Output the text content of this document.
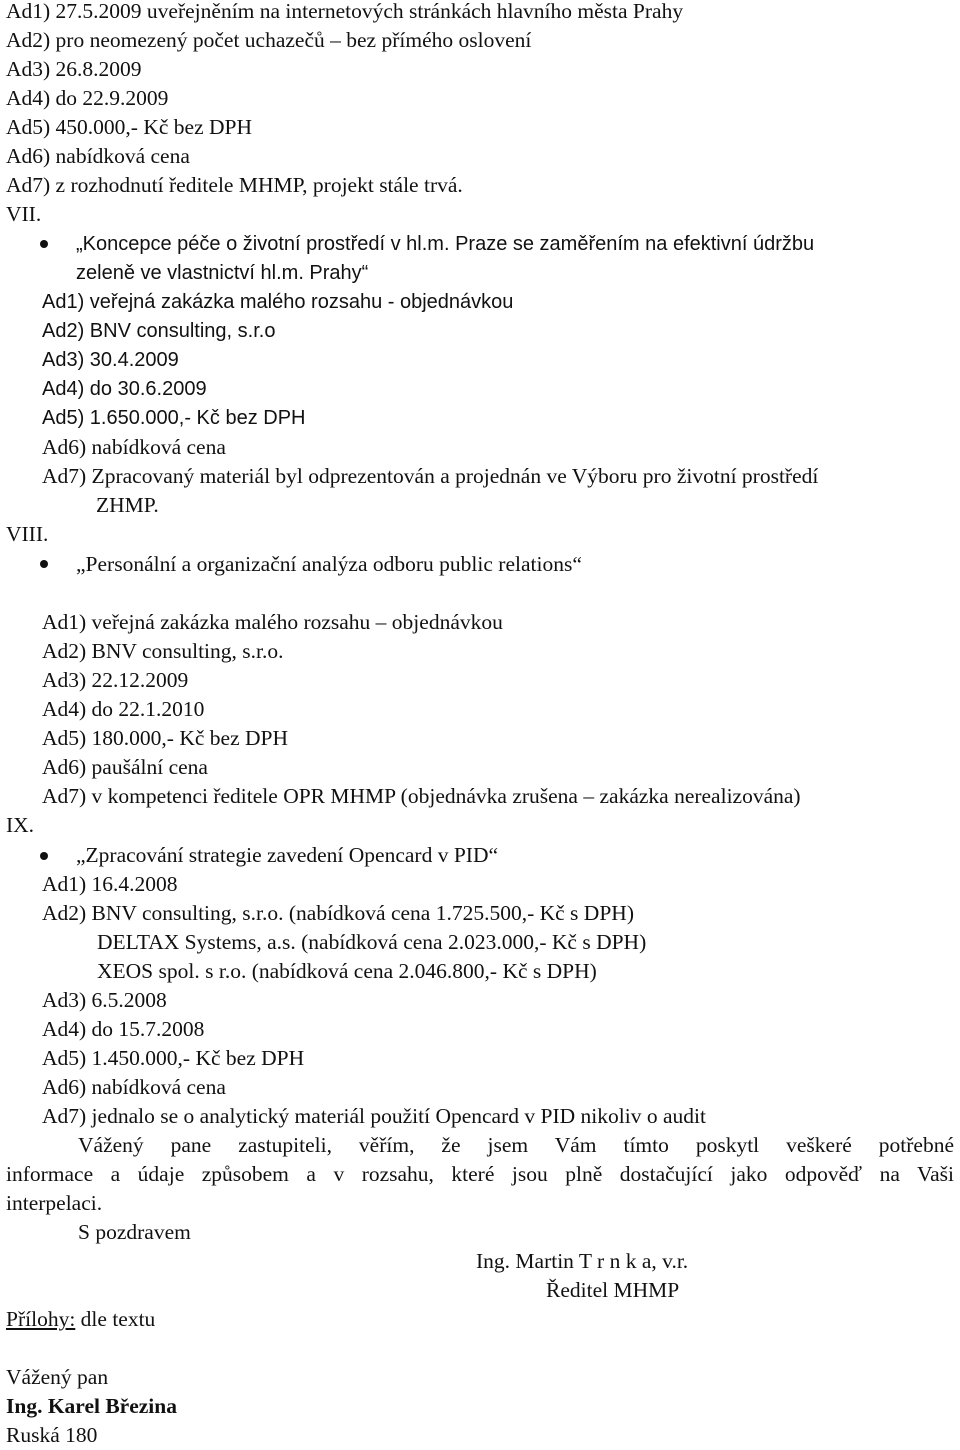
Ad1) 27.5.2009 uveřejněním na internetových stránkách hlavního města Prahy
Ad2) pro neomezený počet uchazečů – bez příméhо oslovení
Ad3) 26.8.2009
Ad4) do 22.9.2009
Ad5) 450.000,- Kč bez DPH
Ad6) nabídková cena
Ad7) z rozhodnutí ředitele MHMP, projekt stále trvá.
VII.
„Koncepce péče o životní prostředí v hl.m. Praze se zaměřením na efektivní údržbu
zeleně ve vlastnictví hl.m. Prahy“
Ad1) veřejná zakázka malého rozsahu - objednávkou
Ad2) BNV consulting, s.r.o
Ad3) 30.4.2009
Ad4) do 30.6.2009
Ad5) 1.650.000,- Kč bez DPH
Ad6) nabídková cena
Ad7) Zpracovaný materiál byl odprezentován a projednán ve Výboru pro životní prostředí
ZHMP.
VIII.
„Personální a organizační analýza odboru public relations“
Ad1) veřejná zakázka malého rozsahu – objednávkou
Ad2) BNV consulting, s.r.o.
Ad3) 22.12.2009
Ad4) do 22.1.2010
Ad5) 180.000,- Kč bez DPH
Ad6) paušální cena
Ad7) v kompetenci ředitele OPR MHMP (objednávka zrušena – zakázka nerealizována)
IX.
„Zpracování strategie zavedení Opencard v PID“
Ad1) 16.4.2008
Ad2) BNV consulting, s.r.o. (nabídková cena 1.725.500,- Kč s DPH)
DELTAX Systems, a.s. (nabídková cena 2.023.000,- Kč s DPH)
XEOS spol. s r.o. (nabídková cena 2.046.800,- Kč s DPH)
Ad3) 6.5.2008
Ad4) do 15.7.2008
Ad5) 1.450.000,- Kč bez DPH
Ad6) nabídková cena
Ad7) jednalo se o analytický materiál použití Opencard v PID nikoliv o audit
Vážený pane zastupiteli, věřím, že jsem Vám tímto poskytl veškeré potřebné
informace a údaje způsobem a v rozsahu, které jsou plně dostačující jako odpověď na Vaši
interpelaci.
S pozdravem
Ing. Martin T r n k a, v.r.
Ředitel MHMP
Přílohy: dle textu
Vážený pan
Ing. Karel Březina
Ruská 180
